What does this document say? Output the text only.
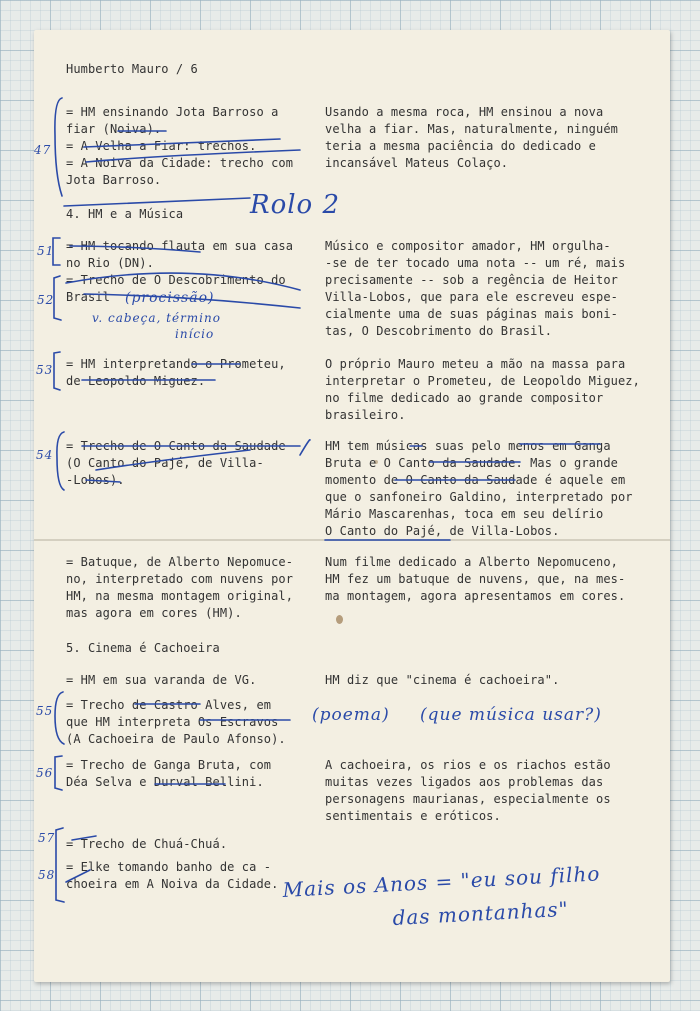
Humberto Mauro / 6
= HM ensinando Jota Barroso a
fiar (Noiva).
= A Velha a Fiar: trechos.
= A Noiva da Cidade: trecho com
Jota Barroso.
Usando a mesma roca, HM ensinou a nova
velha a fiar. Mas, naturalmente, ninguém
teria a mesma paciência do dedicado e
incansável Mateus Colaço.
4. HM e a Música
= HM tocando flauta em sua casa
no Rio (DN).
= Trecho de O Descobrimento do
Brasil
Músico e compositor amador, HM orgulha-
-se de ter tocado uma nota -- um ré, mais
precisamente -- sob a regência de Heitor
Villa-Lobos, que para ele escreveu espe-
cialmente uma de suas páginas mais boni-
tas, O Descobrimento do Brasil.
= HM interpretando o Prometeu,
de Leopoldo Miguez.
O próprio Mauro meteu a mão na massa para
interpretar o Prometeu, de Leopoldo Miguez,
no filme dedicado ao grande compositor
brasileiro.
= Trecho de O Canto da Saudade
(O Canto do Pajé, de Villa-
-Lobos).
HM tem músicas suas pelo menos em Ganga
Bruta e O Canto da Saudade. Mas o grande
momento de O Canto da Saudade é aquele em
que o sanfoneiro Galdino, interpretado por
Mário Mascarenhas, toca em seu delírio
O Canto do Pajé, de Villa-Lobos.
= Batuque, de Alberto Nepomuce-
no, interpretado com nuvens por
HM, na mesma montagem original,
mas agora em cores (HM).
Num filme dedicado a Alberto Nepomuceno,
HM fez um batuque de nuvens, que, na mes-
ma montagem, agora apresentamos em cores.
5. Cinema é Cachoeira
= HM em sua varanda de VG.	HM diz que "cinema é cachoeira".
= Trecho de Castro Alves, em
que HM interpreta Os Escravos
(A Cachoeira de Paulo Afonso).
= Trecho de Ganga Bruta, com
Déa Selva e Durval Bellini.
A cachoeira, os rios e os riachos estão
muitas vezes ligados aos problemas das
personagens maurianas, especialmente os
sentimentais e eróticos.
= Trecho de Chuá-Chuá.
= Elke tomando banho de ca -
choeira em A Noiva da Cidade.
Rolo 2
47
51
52
53
54
55
56
57
58
(procissão)
v. cabeça, término
início
(poema) (que música usar?)
Mais os Anos = "eu sou filho
das montanhas"
